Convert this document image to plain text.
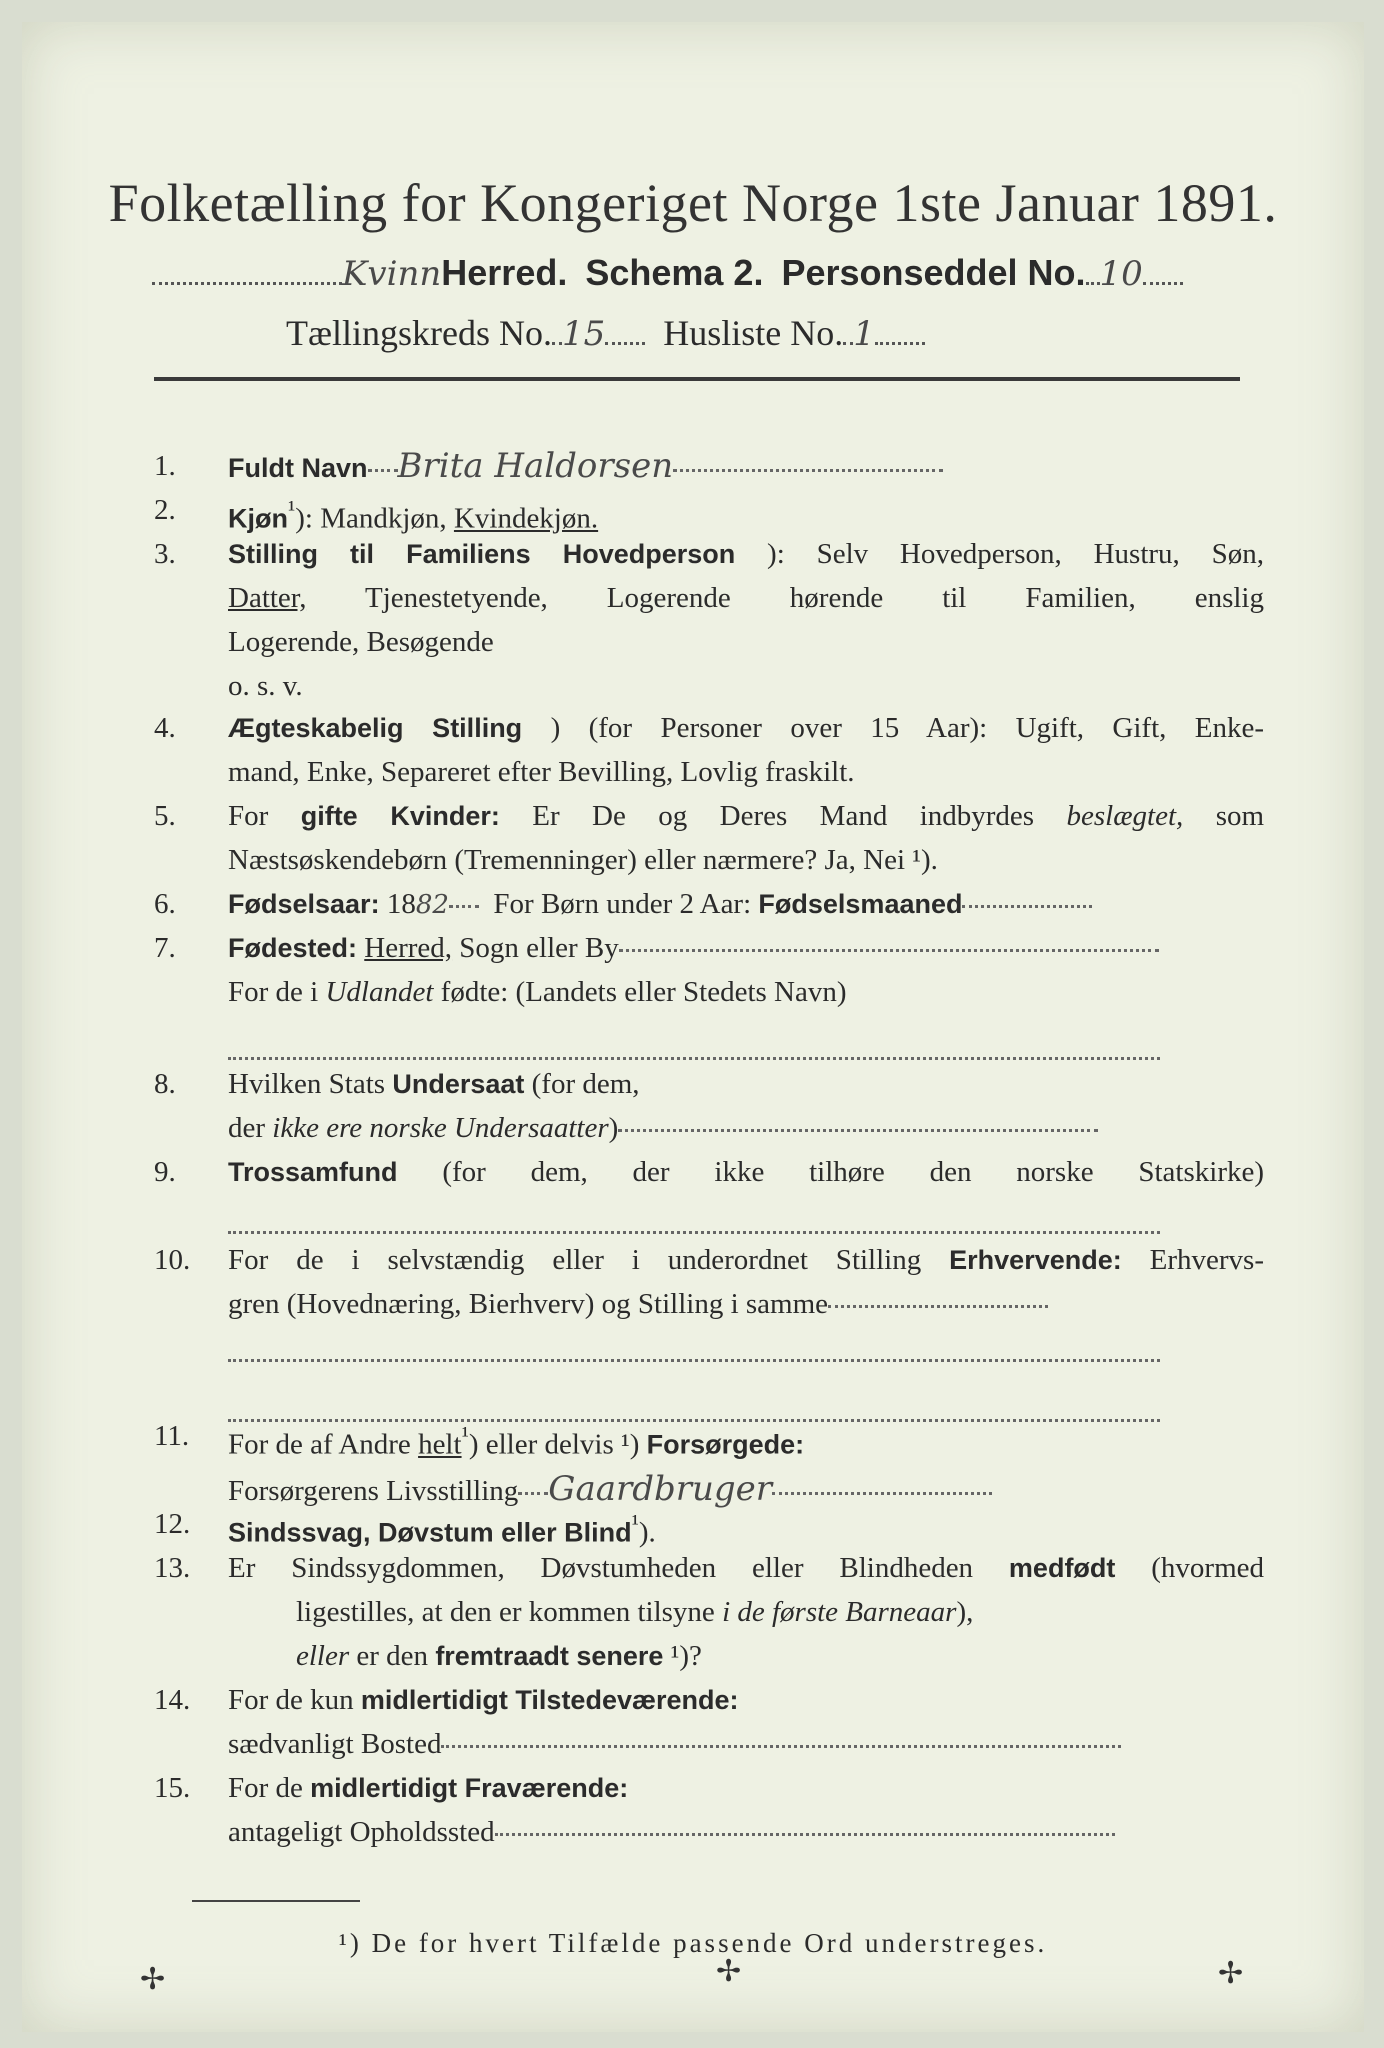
Folketælling for Kongeriget Norge 1ste Januar 1891.
KvinnHerred. Schema 2. Personseddel No. 10
Tællingskreds No. 15 Husliste No. 1
1.	Fuldt Navn Brita Haldorsen
2.	Kjøn$^{^1}$): Mandkjøn, Kvindekjøn.
3.	Stilling til Familiens Hovedperson ): Selv Hovedperson, Hustru, Søn,
Datter, Tjenestetyende, Logerende hørende til Familien, enslig
Logerende, Besøgende
o. s. v.
4.	Ægteskabelig Stilling ) (for Personer over 15 Aar): Ugift, Gift, Enke-
mand, Enke, Separeret efter Bevilling, Lovlig fraskilt.
5.	For gifte Kvinder: Er De og Deres Mand indbyrdes beslægtet, som
Næstsøskendebørn (Tremenninger) eller nærmere? Ja, Nei ¹).
6.	Fødselsaar: 1882 For Børn under 2 Aar: Fødselsmaaned
7.	Fødested: Herred, Sogn eller By
For de i Udlandet fødte: (Landets eller Stedets Navn)
8.	Hvilken Stats Undersaat (for dem,
der ikke ere norske Undersaatter)
9.	Trossamfund (for dem, der ikke tilhøre den norske Statskirke)
10.	For de i selvstændig eller i underordnet Stilling Erhvervende: Erhvervs-
gren (Hovednæring, Bierhverv) og Stilling i samme
11.	For de af Andre helt$^{^1}$) eller delvis ¹) Forsørgede:
Forsørgerens Livsstilling Gaardbruger
12.	Sindssvag, Døvstum eller Blind$^{^1}$).
13.	Er Sindssygdommen, Døvstumheden eller Blindheden medfødt (hvormed
ligestilles, at den er kommen tilsyne i de første Barneaar),
eller er den fremtraadt senere ¹)?
14.	For de kun midlertidigt Tilstedeværende:
sædvanligt Bosted
15.	For de midlertidigt Fraværende:
antageligt Opholdssted
¹) De for hvert Tilfælde passende Ord understreges.
✢	✢	✢
